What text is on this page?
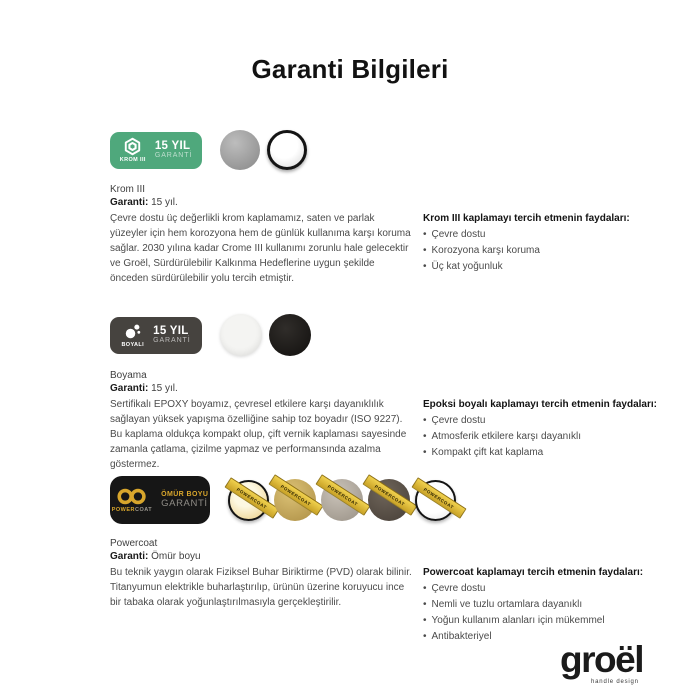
Garanti Bilgileri
KROM III
15 YIL
GARANTİ
Krom III
Garanti: 15 yıl.

Çevre dostu üç değerlikli krom kaplamamız, saten ve parlak yüzeyler için hem korozyona hem de günlük kullanıma karşı koruma sağlar. 2030 yılına kadar Crome III kullanımı zorunlu hale gelecektir ve Groël, Sürdürülebilir Kalkınma Hedeflerine uygun şekilde önceden sürdürülebilir yolu tercih etmiştir.

Krom III kaplamayı tercih etmenin faydaları:
• Çevre dostu
• Korozyona karşı koruma
• Üç kat yoğunluk
BOYALI
15 YIL
GARANTİ
Boyama
Garanti: 15 yıl.

Sertifikalı EPOXY boyamız, çevresel etkilere karşı dayanıklılık sağlayan yüksek yapışma özelliğine sahip toz boyadır (ISO 9227). Bu kaplama oldukça kompakt olup, çift vernik kaplaması sayesinde zamanla çatlama, çizilme yapmaz ve performansında azalma göstermez.

Epoksi boyalı kaplamayı tercih etmenin faydaları:
• Çevre dostu
• Atmosferik etkilere karşı dayanıklı
• Kompakt çift kat kaplama
POWERCOAT
ÖMÜR BOYU
GARANTİ	POWERCOAT	POWERCOAT	POWERCOAT	POWERCOAT	POWERCOAT
Powercoat
Garanti: Ömür boyu

Bu teknik yaygın olarak Fiziksel Buhar Biriktirme (PVD) olarak bilinir. Titanyumun elektrikle buharlaştırılıp, ürünün üzerine koruyucu ince bir tabaka olarak yoğunlaştırılmasıyla gerçekleştirilir.

Powercoat kaplamayı tercih etmenin faydaları:
• Çevre dostu
• Nemli ve tuzlu ortamlara dayanıklı
• Yoğun kullanım alanları için mükemmel
• Antibakteriyel
groël
handle design
